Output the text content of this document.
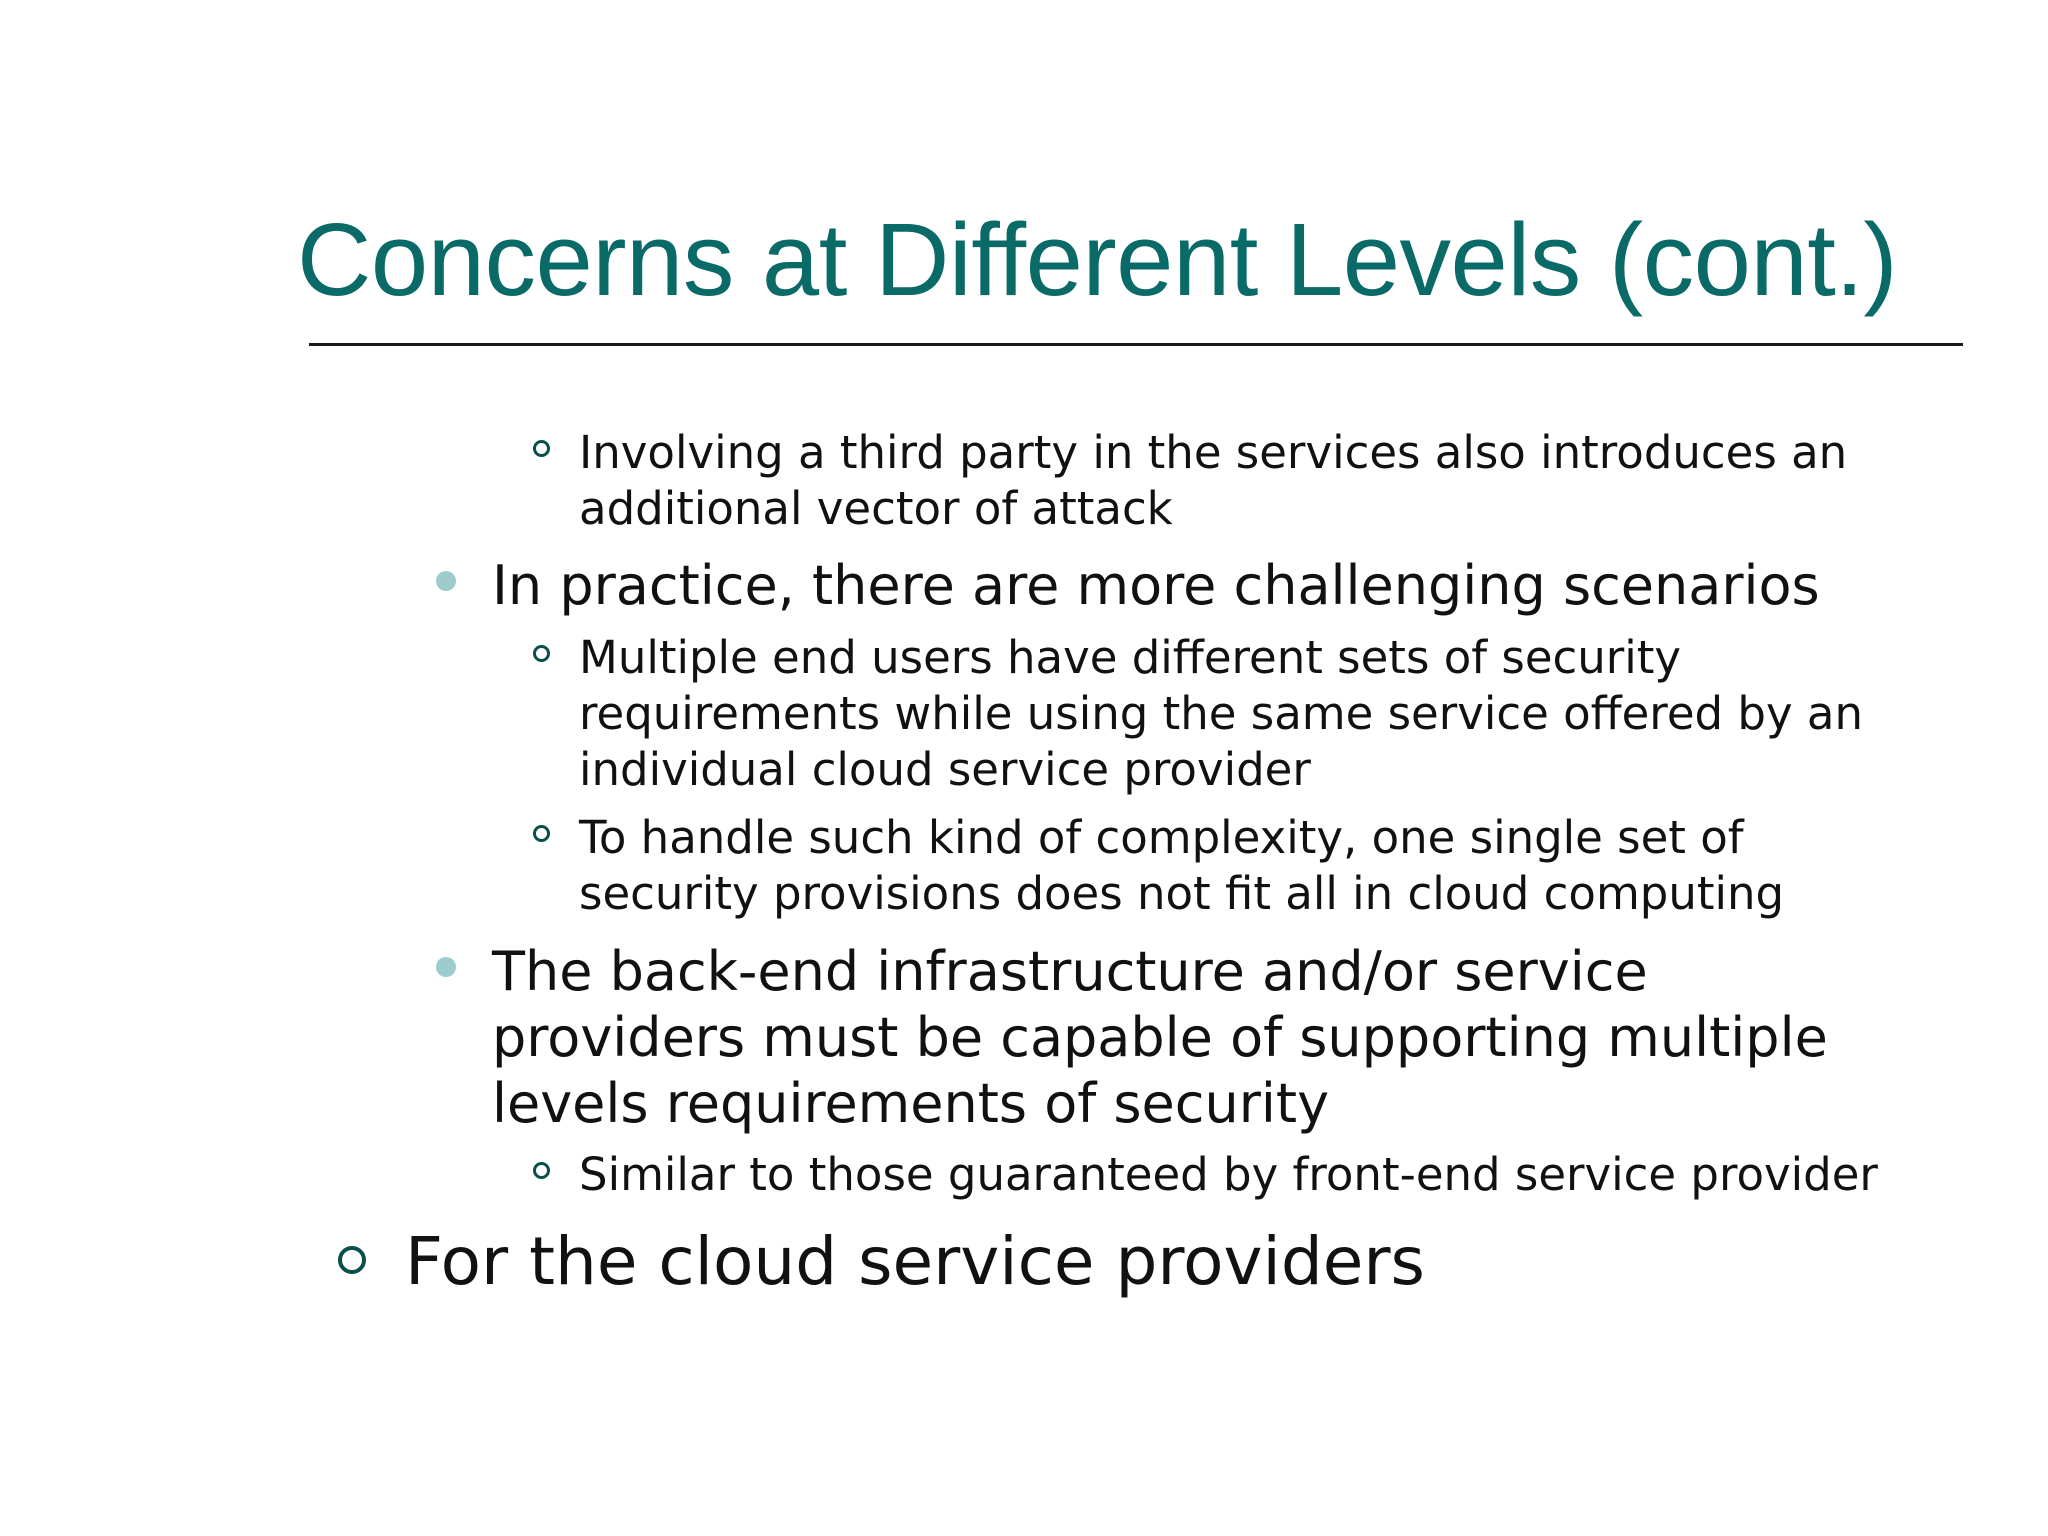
Concerns at Different Levels (cont.)
Involving a third party in the services also introduces an
additional vector of attack
In practice, there are more challenging scenarios
Multiple end users have different sets of security
requirements while using the same service offered by an
individual cloud service provider
To handle such kind of complexity, one single set of
security provisions does not fit all in cloud computing
The back-end infrastructure and/or service
providers must be capable of supporting multiple
levels requirements of security
Similar to those guaranteed by front-end service provider
For the cloud service providers
